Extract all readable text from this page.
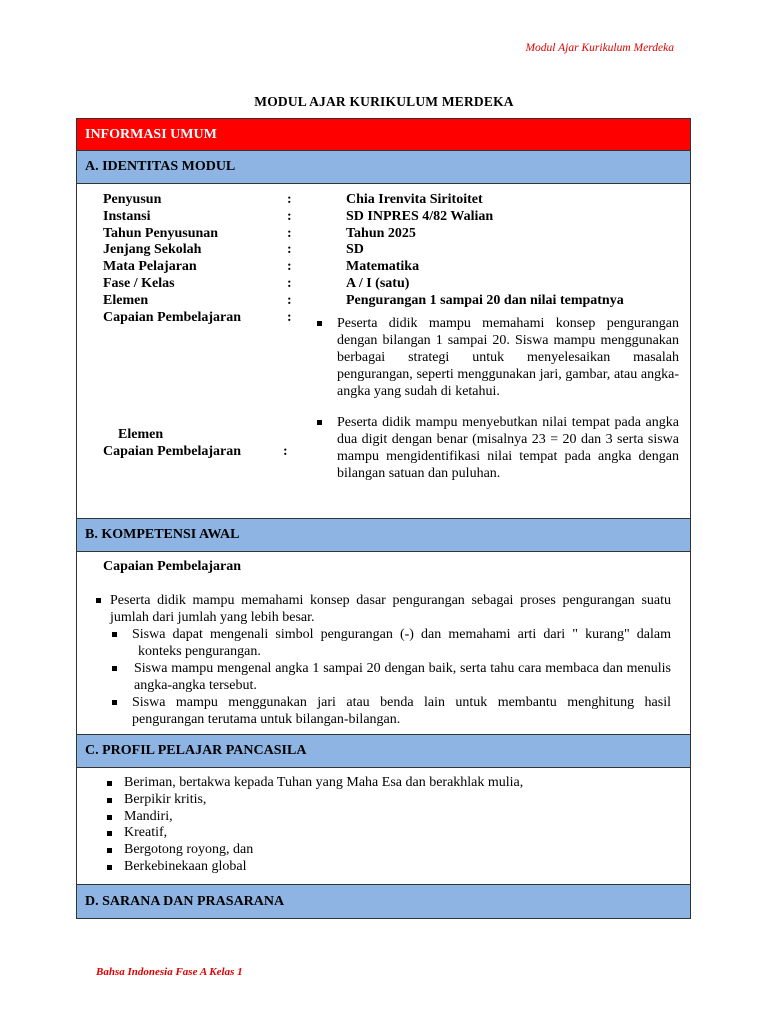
Modul Ajar Kurikulum Merdeka
MODUL AJAR KURIKULUM MERDEKA
INFORMASI UMUM
A. IDENTITAS MODUL
Penyusun	:	Chia Irenvita Siritoitet
Instansi	:	SD INPRES 4/82 Walian
Tahun Penyusunan	:	Tahun 2025
Jenjang Sekolah	:	SD
Mata Pelajaran	:	Matematika
Fase / Kelas	:	A / I (satu)
Elemen	:	Pengurangan 1 sampai 20 dan nilai tempatnya
Capaian Pembelajaran	:	Peserta didik mampu memahami konsep pengurangan dengan bilangan 1 sampai 20. Siswa mampu menggunakan berbagai strategi untuk menyelesaikan masalah pengurangan, seperti menggunakan jari, gambar, atau angka- angka yang sudah di ketahui.
Elemen
Capaian Pembelajaran	:
Peserta didik mampu menyebutkan nilai tempat pada angka dua digit dengan benar (misalnya 23 = 20 dan 3 serta siswa mampu mengidentifikasi nilai tempat pada angka dengan bilangan satuan dan puluhan.
B. KOMPETENSI AWAL
Capaian Pembelajaran
Peserta didik mampu memahami konsep dasar pengurangan sebagai proses pengurangan suatu jumlah dari jumlah yang lebih besar.
Siswa dapat mengenali simbol pengurangan (-) dan memahami arti dari " kurang" dalam konteks pengurangan.
Siswa mampu mengenal angka 1 sampai 20 dengan baik, serta tahu cara membaca dan menulis angka-angka tersebut.
Siswa mampu menggunakan jari atau benda lain untuk membantu menghitung hasil pengurangan terutama untuk bilangan-bilangan.
C. PROFIL PELAJAR PANCASILA
Beriman, bertakwa kepada Tuhan yang Maha Esa dan berakhlak mulia,
Berpikir kritis,
Mandiri,
Kreatif,
Bergotong royong, dan
Berkebinekaan global
D. SARANA DAN PRASARANA
Bahsa Indonesia Fase A Kelas 1
